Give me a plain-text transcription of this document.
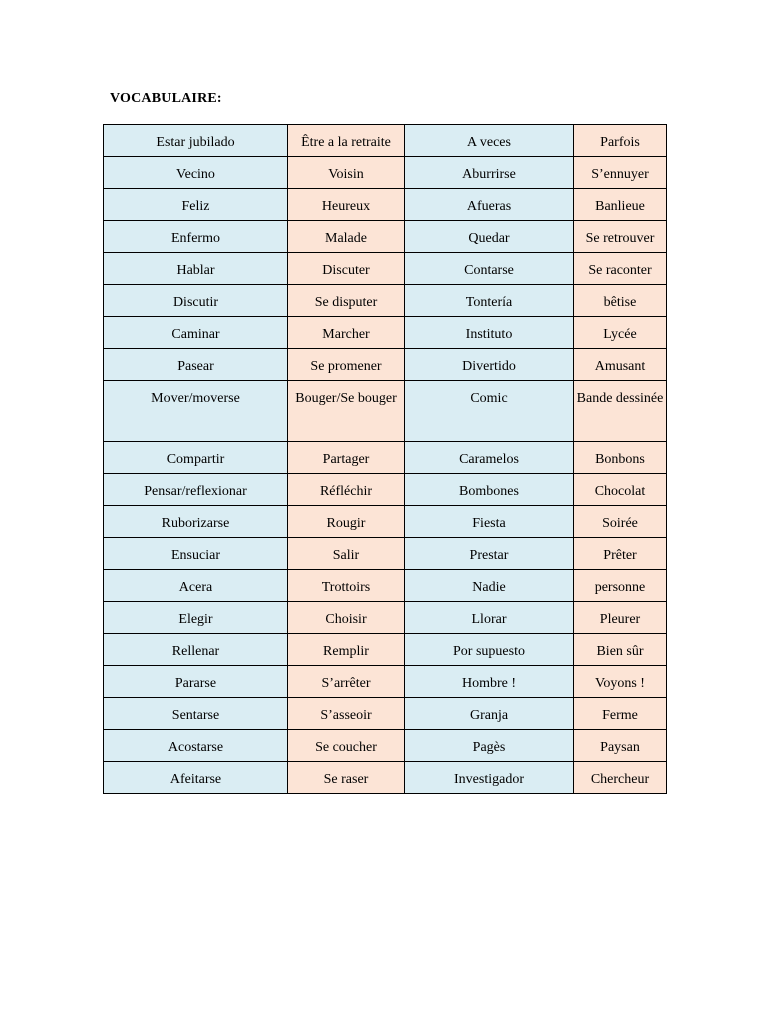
VOCABULAIRE:
Estar jubilado	Être a la retraite	A veces	Parfois
Vecino	Voisin	Aburrirse	S’ennuyer
Feliz	Heureux	Afueras	Banlieue
Enfermo	Malade	Quedar	Se retrouver
Hablar	Discuter	Contarse	Se raconter
Discutir	Se disputer	Tontería	bêtise
Caminar	Marcher	Instituto	Lycée
Pasear	Se promener	Divertido	Amusant
Mover/moverse	Bouger/Se bouger	Comic	Bande dessinée
Compartir	Partager	Caramelos	Bonbons
Pensar/reflexionar	Réfléchir	Bombones	Chocolat
Ruborizarse	Rougir	Fiesta	Soirée
Ensuciar	Salir	Prestar	Prêter
Acera	Trottoirs	Nadie	personne
Elegir	Choisir	Llorar	Pleurer
Rellenar	Remplir	Por supuesto	Bien sûr
Pararse	S’arrêter	Hombre !	Voyons !
Sentarse	S’asseoir	Granja	Ferme
Acostarse	Se coucher	Pagès	Paysan
Afeitarse	Se raser	Investigador	Chercheur
